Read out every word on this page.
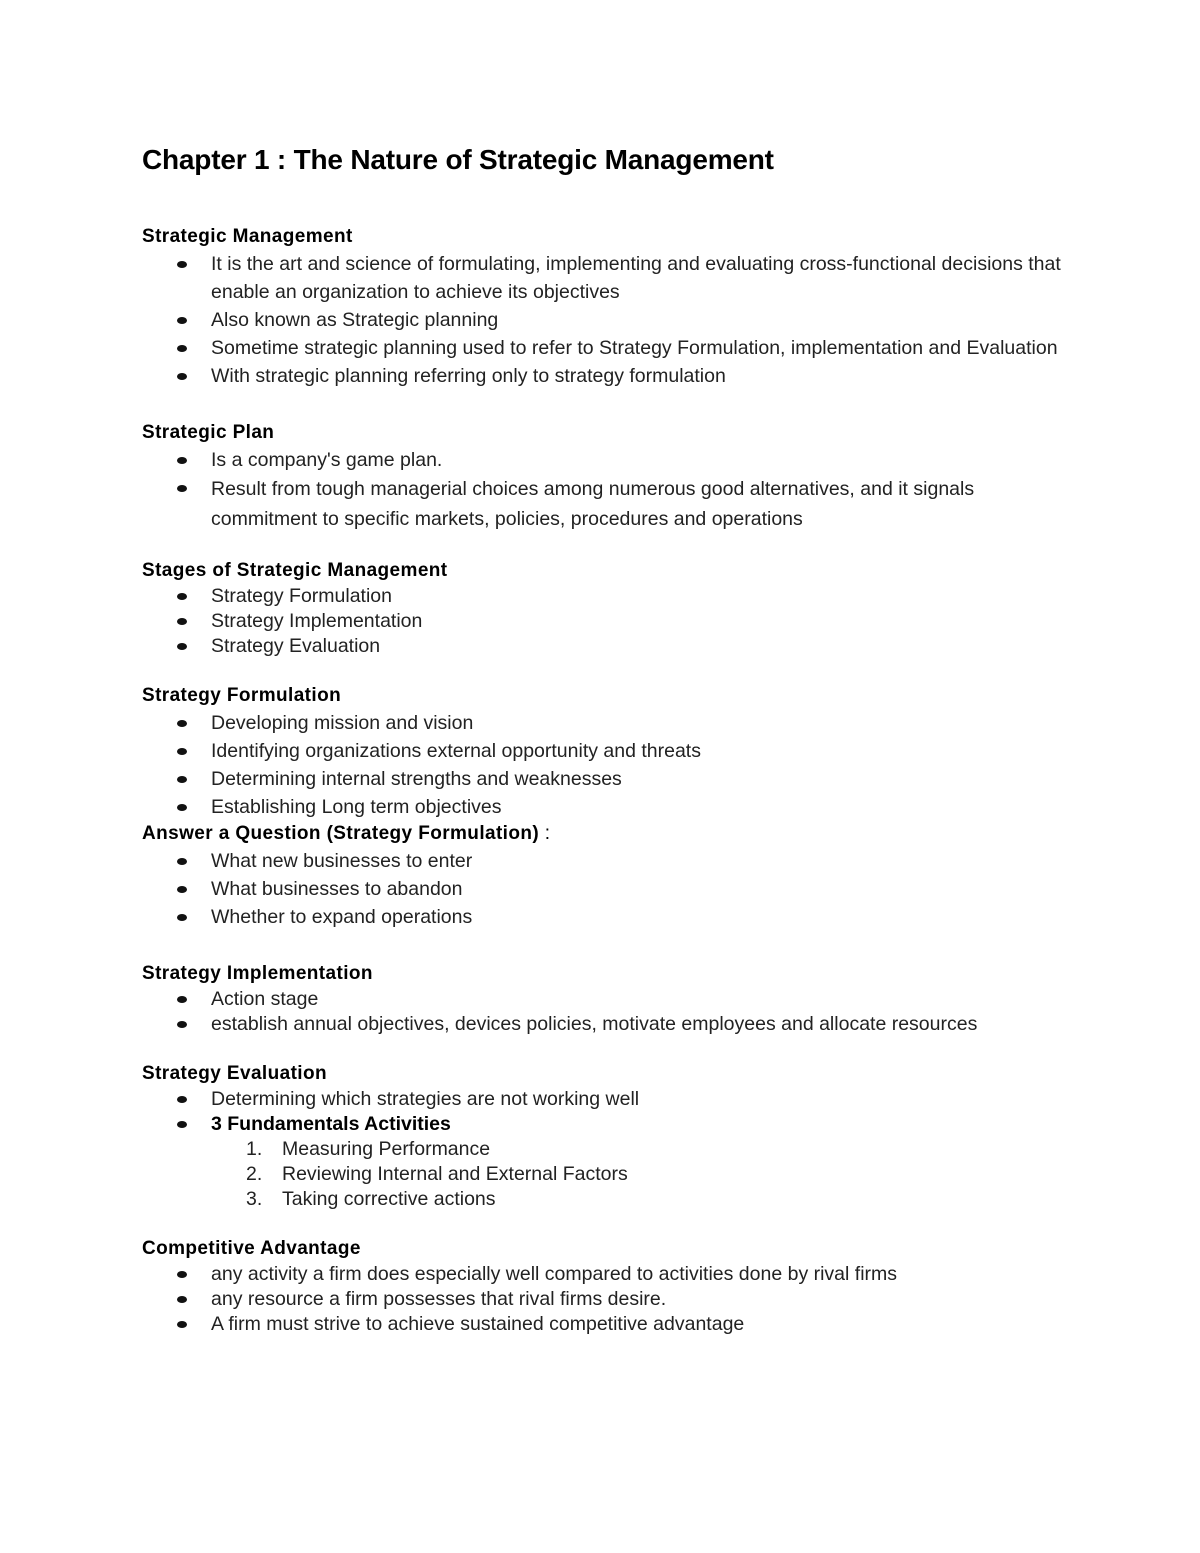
Chapter 1 : The Nature of Strategic Management

Strategic Management

It is the art and science of formulating, implementing and evaluating cross-functional decisions that enable an organization to achieve its objectives
Also known as Strategic planning
Sometime strategic planning used to refer to Strategy Formulation, implementation and Evaluation
With strategic planning referring only to strategy formulation

Strategic Plan

Is a company's game plan.
Result from tough managerial choices among numerous good alternatives, and it signals commitment to specific markets, policies, procedures and operations

Stages of Strategic Management

Strategy Formulation
Strategy Implementation
Strategy Evaluation

Strategy Formulation

Developing mission and vision
Identifying organizations external opportunity and threats
Determining internal strengths and weaknesses
Establishing Long term objectives

Answer a Question (Strategy Formulation) :

What new businesses to enter
What businesses to abandon
Whether to expand operations

Strategy Implementation

Action stage
establish annual objectives, devices policies, motivate employees and allocate resources

Strategy Evaluation

Determining which strategies are not working well
3 Fundamentals Activities
1. Measuring Performance
2. Reviewing Internal and External Factors
3. Taking corrective actions

Competitive Advantage

any activity a firm does especially well compared to activities done by rival firms
any resource a firm possesses that rival firms desire.
A firm must strive to achieve sustained competitive advantage
